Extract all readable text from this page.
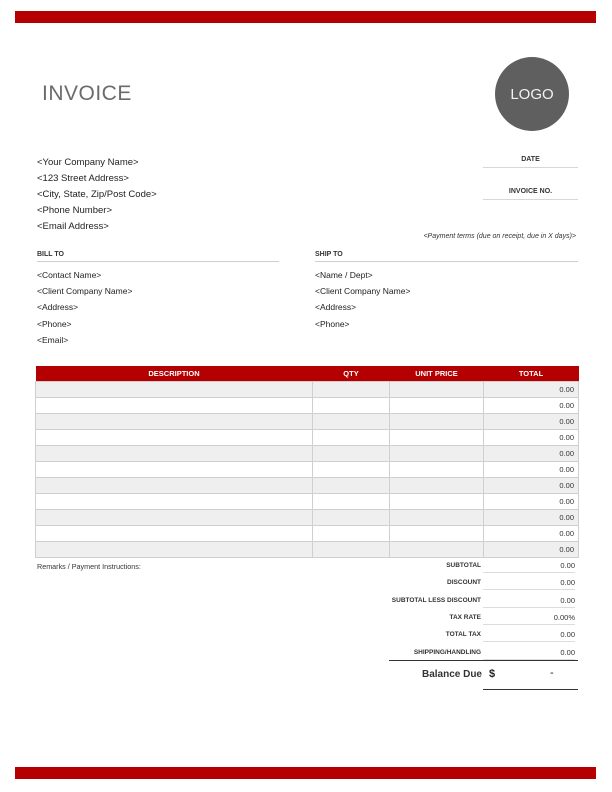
INVOICE	LOGO
<Your Company Name>
<123 Street Address>
<City, State, Zip/Post Code>
<Phone Number>
<Email Address>
DATE
INVOICE NO.
<Payment terms (due on receipt, due in X days)>
BILL TO	SHIP TO
<Contact Name>
<Client Company Name>
<Address>
<Phone>
<Email>
<Name / Dept>
<Client Company Name>
<Address>
<Phone>
DESCRIPTION	QTY	UNIT PRICE	TOTAL
			0.00
			0.00
			0.00
			0.00
			0.00
			0.00
			0.00
			0.00
			0.00
			0.00
			0.00
Remarks / Payment Instructions:	SUBTOTAL	0.00
DISCOUNT	0.00
SUBTOTAL LESS DISCOUNT	0.00
TAX RATE	0.00%
TOTAL TAX	0.00
SHIPPING/HANDLING	0.00
Balance Due $	-
